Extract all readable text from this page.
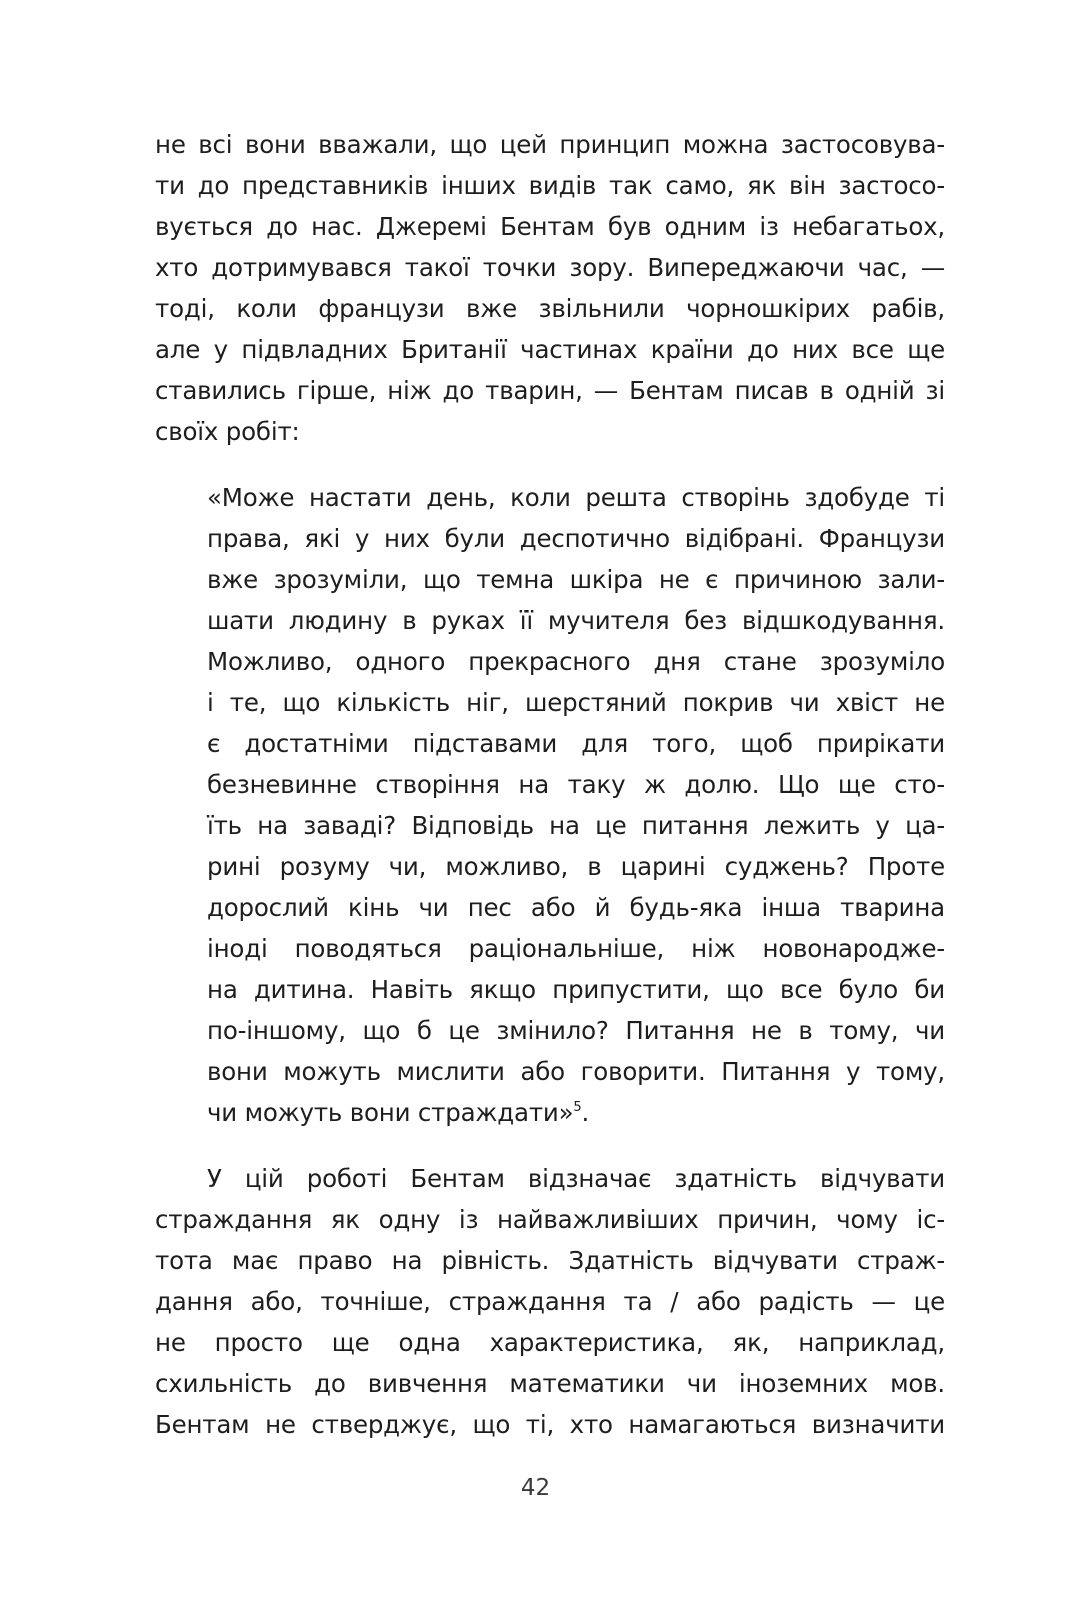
не всі вони вважали, що цей принцип можна застосовува-
ти до представників інших видів так само, як він застосо-
вується до нас. Джеремі Бентам був одним із небагатьох,
хто дотримувався такої точки зору. Випереджаючи час, —
тоді, коли французи вже звільнили чорношкірих рабів,
але у підвладних Британії частинах країни до них все ще
ставились гірше, ніж до тварин, — Бентам писав в одній зі
своїх робіт:
«Може настати день, коли решта створінь здобуде ті
права, які у них були деспотично відібрані. Французи
вже зрозуміли, що темна шкіра не є причиною зали-
шати людину в руках її мучителя без відшкодування.
Можливо, одного прекрасного дня стане зрозуміло
і те, що кількість ніг, шерстяний покрив чи хвіст не
є достатніми підставами для того, щоб прирікати
безневинне створіння на таку ж долю. Що ще сто-
їть на заваді? Відповідь на це питання лежить у ца-
рині розуму чи, можливо, в царині суджень? Проте
дорослий кінь чи пес або й будь-яка інша тварина
іноді поводяться раціональніше, ніж новонародже-
на дитина. Навіть якщо припустити, що все було би
по-іншому, що б це змінило? Питання не в тому, чи
вони можуть мислити або говорити. Питання у тому,
чи можуть вони страждати»$^5$.
У цій роботі Бентам відзначає здатність відчувати
страждання як одну із найважливіших причин, чому іс-
тота має право на рівність. Здатність відчувати страж-
дання або, точніше, страждання та / або радість — це
не просто ще одна характеристика, як, наприклад,
схильність до вивчення математики чи іноземних мов.
Бентам не стверджує, що ті, хто намагаються визначити
42
